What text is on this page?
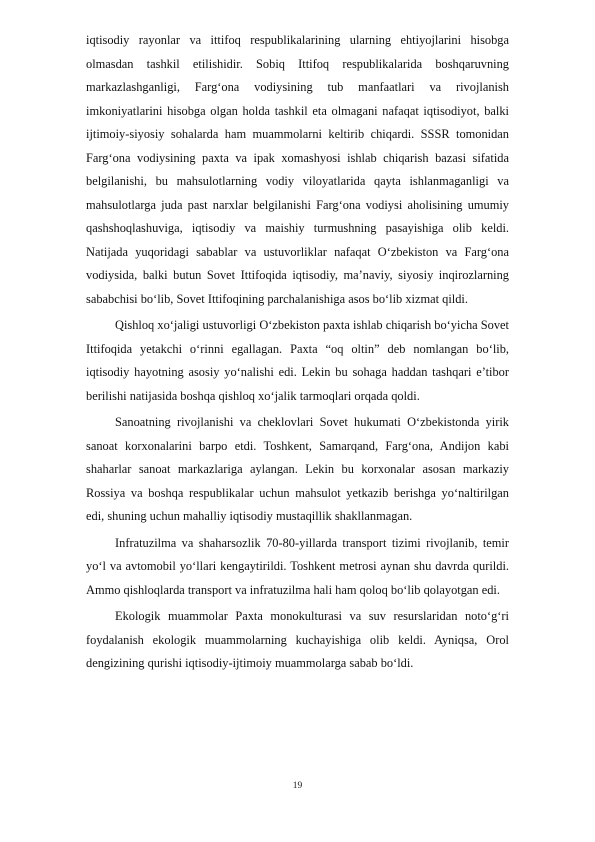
iqtisodiy rayonlar va ittifoq respublikalarining ularning ehtiyojlarini hisobga olmasdan tashkil etilishidir. Sobiq Ittifoq respublikalarida boshqaruvning markazlashganligi, Farg‘ona vodiysining tub manfaatlari va rivojlanish imkoniyatlarini hisobga olgan holda tashkil eta olmagani nafaqat iqtisodiyot, balki ijtimoiy-siyosiy sohalarda ham muammolarni keltirib chiqardi. SSSR tomonidan Farg‘ona vodiysining paxta va ipak xomashyosi ishlab chiqarish bazasi sifatida belgilanishi, bu mahsulotlarning vodiy viloyatlarida qayta ishlanmaganligi va mahsulotlarga juda past narxlar belgilanishi Farg‘ona vodiysi aholisining umumiy qashshoqlashuviga, iqtisodiy va maishiy turmushning pasayishiga olib keldi. Natijada yuqoridagi sabablar va ustuvorliklar nafaqat O‘zbekiston va Farg‘ona vodiysida, balki butun Sovet Ittifoqida iqtisodiy, ma’naviy, siyosiy inqirozlarning sababchisi bo‘lib, Sovet Ittifoqining parchalanishiga asos bo‘lib xizmat qildi.

Qishloq xo‘jaligi ustuvorligi O‘zbekiston paxta ishlab chiqarish bo‘yicha Sovet Ittifoqida yetakchi o‘rinni egallagan. Paxta “oq oltin” deb nomlangan bo‘lib, iqtisodiy hayotning asosiy yo‘nalishi edi. Lekin bu sohaga haddan tashqari e’tibor berilishi natijasida boshqa qishloq xo‘jalik tarmoqlari orqada qoldi.

Sanoatning rivojlanishi va cheklovlari Sovet hukumati O‘zbekistonda yirik sanoat korxonalarini barpo etdi. Toshkent, Samarqand, Farg‘ona, Andijon kabi shaharlar sanoat markazlariga aylangan. Lekin bu korxonalar asosan markaziy Rossiya va boshqa respublikalar uchun mahsulot yetkazib berishga yo‘naltirilgan edi, shuning uchun mahalliy iqtisodiy mustaqillik shakllanmagan.

Infratuzilma va shaharsozlik 70-80-yillarda transport tizimi rivojlanib, temir yo‘l va avtomobil yo‘llari kengaytirildi. Toshkent metrosi aynan shu davrda qurildi. Ammo qishloqlarda transport va infratuzilma hali ham qoloq bo‘lib qolayotgan edi.

Ekologik muammolar Paxta monokulturasi va suv resurslaridan noto‘g‘ri foydalanish ekologik muammolarning kuchayishiga olib keldi. Ayniqsa, Orol dengizining qurishi iqtisodiy-ijtimoiy muammolarga sabab bo‘ldi.

19
